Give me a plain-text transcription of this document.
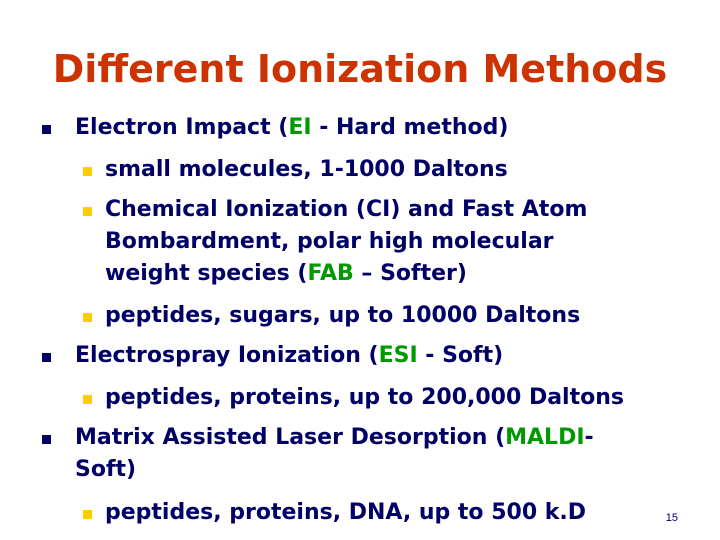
Different Ionization Methods
Electron Impact (EI - Hard method)
small molecules, 1-1000 Daltons
Chemical Ionization (CI) and Fast Atom
Bombardment, polar high molecular
weight species (FAB – Softer)
peptides, sugars, up to 10000 Daltons
Electrospray Ionization (ESI - Soft)
peptides, proteins, up to 200,000 Daltons
Matrix Assisted Laser Desorption (MALDI-
Soft)
peptides, proteins, DNA, up to 500 k.D	15
